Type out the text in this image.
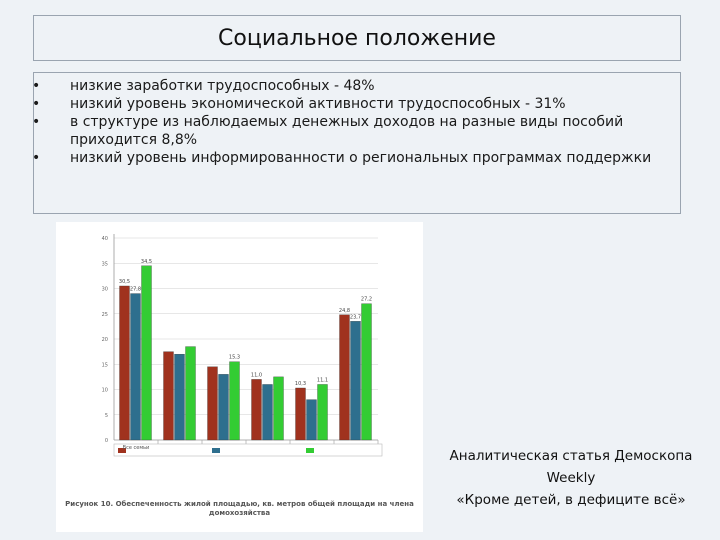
Социальное положение
• низкие заработки трудоспособных - 48%
• низкий уровень экономической активности трудоспособных - 31%
• в структуре из наблюдаемых денежных доходов на разные виды пособий приходится 8,8%
• низкий уровень информированности о региональных программах поддержки
0
5
10
15
20
25
30
35
40
30,5
11,0
10,3
24,8
27,8
23,7
34,5
15,3
11,1
27,2
Все семьи
Рисунок 10. Обеспеченность жилой площадью, кв. метров общей площади на члена домохозяйства
Аналитическая статья Демоскопа
Weekly
«Кроме детей, в дефиците всё»
